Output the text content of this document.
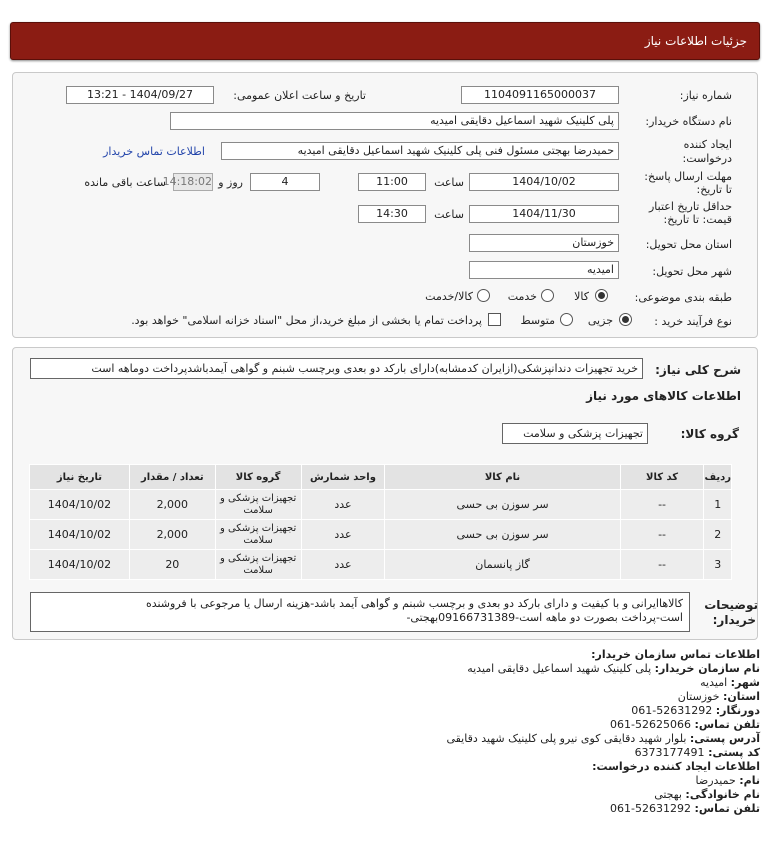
جزئیات اطلاعات نیاز
شماره نیاز:
1104091165000037
تاریخ و ساعت اعلان عمومی:
1404/09/27 - 13:21
نام دستگاه خریدار:
پلی کلینیک شهید اسماعیل دقایقی امیدیه
ایجاد کننده
درخواست:
حمیدرضا بهجتی مسئول فنی پلی کلینیک شهید اسماعیل دقایقی امیدیه
اطلاعات تماس خریدار
مهلت ارسال پاسخ:
تا تاریخ:
1404/10/02
ساعت
11:00
4
روز و
14:18:02
ساعت باقی مانده
حداقل تاریخ اعتبار
قیمت: تا تاریخ:
1404/11/30
ساعت
14:30
استان محل تحویل:
خوزستان
شهر محل تحویل:
امیدیه
طبقه بندی موضوعی:
کالا
خدمت
کالا/خدمت
نوع فرآیند خرید :
جزیی
متوسط
پرداخت تمام یا بخشی از مبلغ خرید،از محل "اسناد خزانه اسلامی" خواهد بود.
شرح کلی نیاز:
خرید تجهیزات دندانپزشکی(ازایران کدمشابه)دارای بارکد دو بعدی وبرچسب شبنم و گواهی آیمدباشدپرداخت دوماهه است
اطلاعات کالاهای مورد نیاز
گروه کالا:
تجهیزات پزشکی و سلامت
ردیف	کد کالا	نام کالا	واحد شمارش	گروه کالا	تعداد / مقدار	تاریخ نیاز
1	--	سر سوزن بی حسی	عدد	تجهیزات پزشکی و سلامت	2,000	1404/10/02
2	--	سر سوزن بی حسی	عدد	تجهیزات پزشکی و سلامت	2,000	1404/10/02
3	--	گاز پانسمان	عدد	تجهیزات پزشکی و سلامت	20	1404/10/02
توضیحات
خریدار:
کالاهاایرانی و با کیفیت و دارای بارکد دو بعدی و برچسب شبنم و گواهی آیمد باشد-هزینه ارسال یا مرجوعی با فروشنده
است-پرداخت بصورت دو ماهه است-09166731389بهجتی-
اطلاعات تماس سازمان خریدار:
نام سازمان خریدار: پلی کلینیک شهید اسماعیل دقایقی امیدیه
شهر: امیدیه
استان: خوزستان
دورنگار: 52631292-061
تلفن تماس: 52625066-061
آدرس پستی: بلوار شهید دقایقی کوی نیرو پلی کلینیک شهید دقایقی
کد پستی: 6373177491
اطلاعات ایجاد کننده درخواست:
نام: حمیدرضا
نام خانوادگی: بهجتی
تلفن تماس: 52631292-061
